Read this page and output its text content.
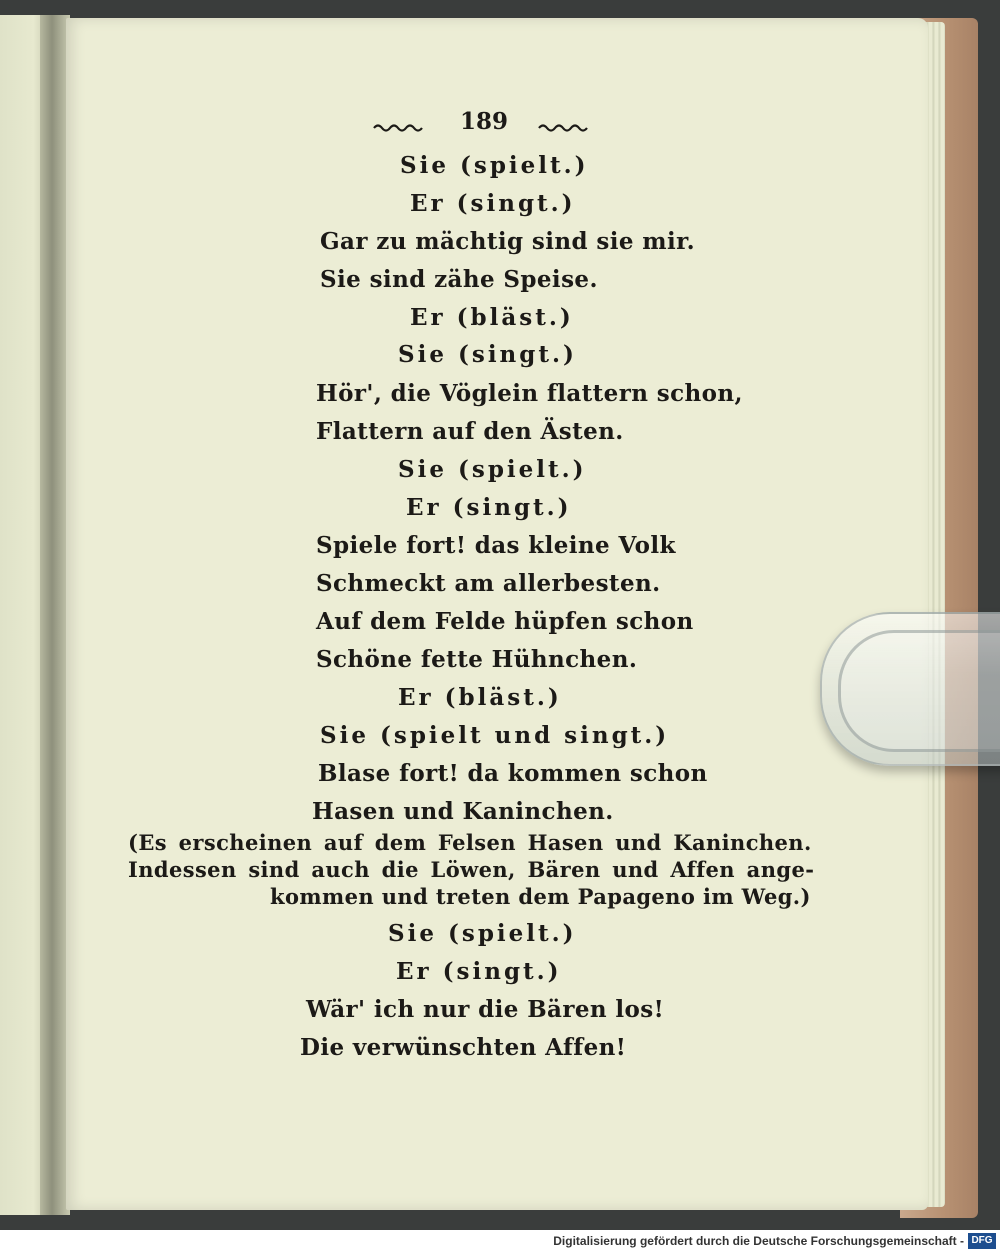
189
Sie (spielt.)
Er (singt.)
Gar zu mächtig sind sie mir.
Sie sind zähe Speise.
Er (bläst.)
Sie (singt.)
Hör', die Vöglein flattern schon,
Flattern auf den Ästen.
Sie (spielt.)
Er (singt.)
Spiele fort! das kleine Volk
Schmeckt am allerbesten.
Auf dem Felde hüpfen schon
Schöne fette Hühnchen.
Er (bläst.)
Sie (spielt und singt.)
Blase fort! da kommen schon
Hasen und Kaninchen.
(Es erscheinen auf dem Felsen Hasen und Kaninchen.
Indessen sind auch die Löwen, Bären und Affen ange-
kommen und treten dem Papageno im Weg.)
Sie (spielt.)
Er (singt.)
Wär' ich nur die Bären los!
Die verwünschten Affen!
Digitalisierung gefördert durch die Deutsche Forschungsgemeinschaft - DFG
